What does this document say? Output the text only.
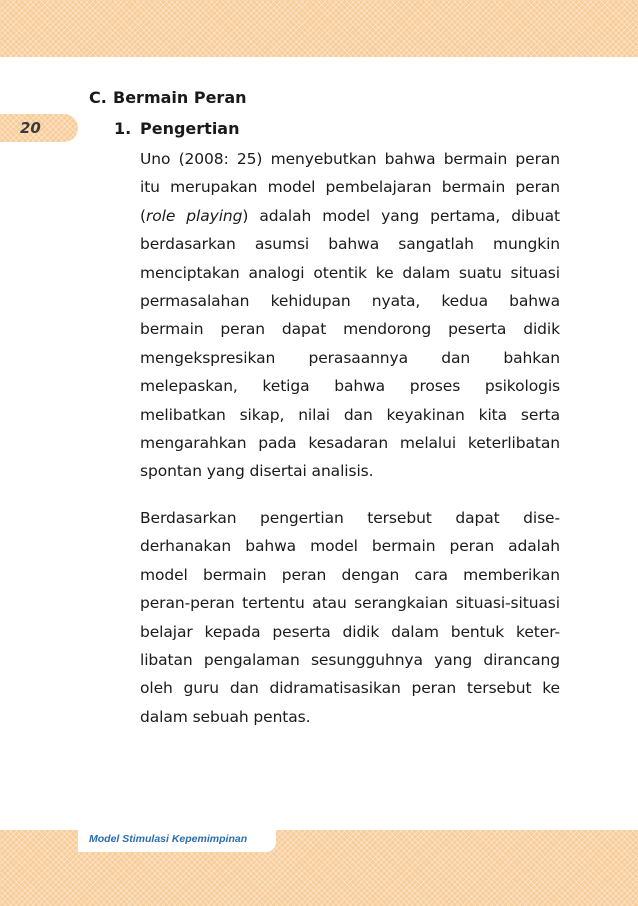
20
C. Bermain Peran
1. Pengertian
Uno (2008: 25) menyebutkan bahwa bermain peran itu merupakan model pembelajaran bermain peran (role playing) adalah model yang pertama, dibuat berdasarkan asumsi bahwa sangatlah mungkin menciptakan analogi otentik ke dalam suatu situasi permasalahan kehidupan nyata, kedua bahwa bermain peran dapat mendorong peserta didik mengekspresikan perasaannya dan bahkan melepaskan, ketiga bahwa proses psikologis melibatkan sikap, nilai dan keyakinan kita serta mengarahkan pada kesadaran melalui keterlibatan spontan yang disertai analisis.
Berdasarkan pengertian tersebut dapat dise-derhanakan bahwa model bermain peran adalah model bermain peran dengan cara memberikan peran-peran tertentu atau serangkaian situasi-situasi belajar kepada peserta didik dalam bentuk keter-libatan pengalaman sesungguhnya yang dirancang oleh guru dan didramatisasikan peran tersebut ke dalam sebuah pentas.
Model Stimulasi Kepemimpinan
